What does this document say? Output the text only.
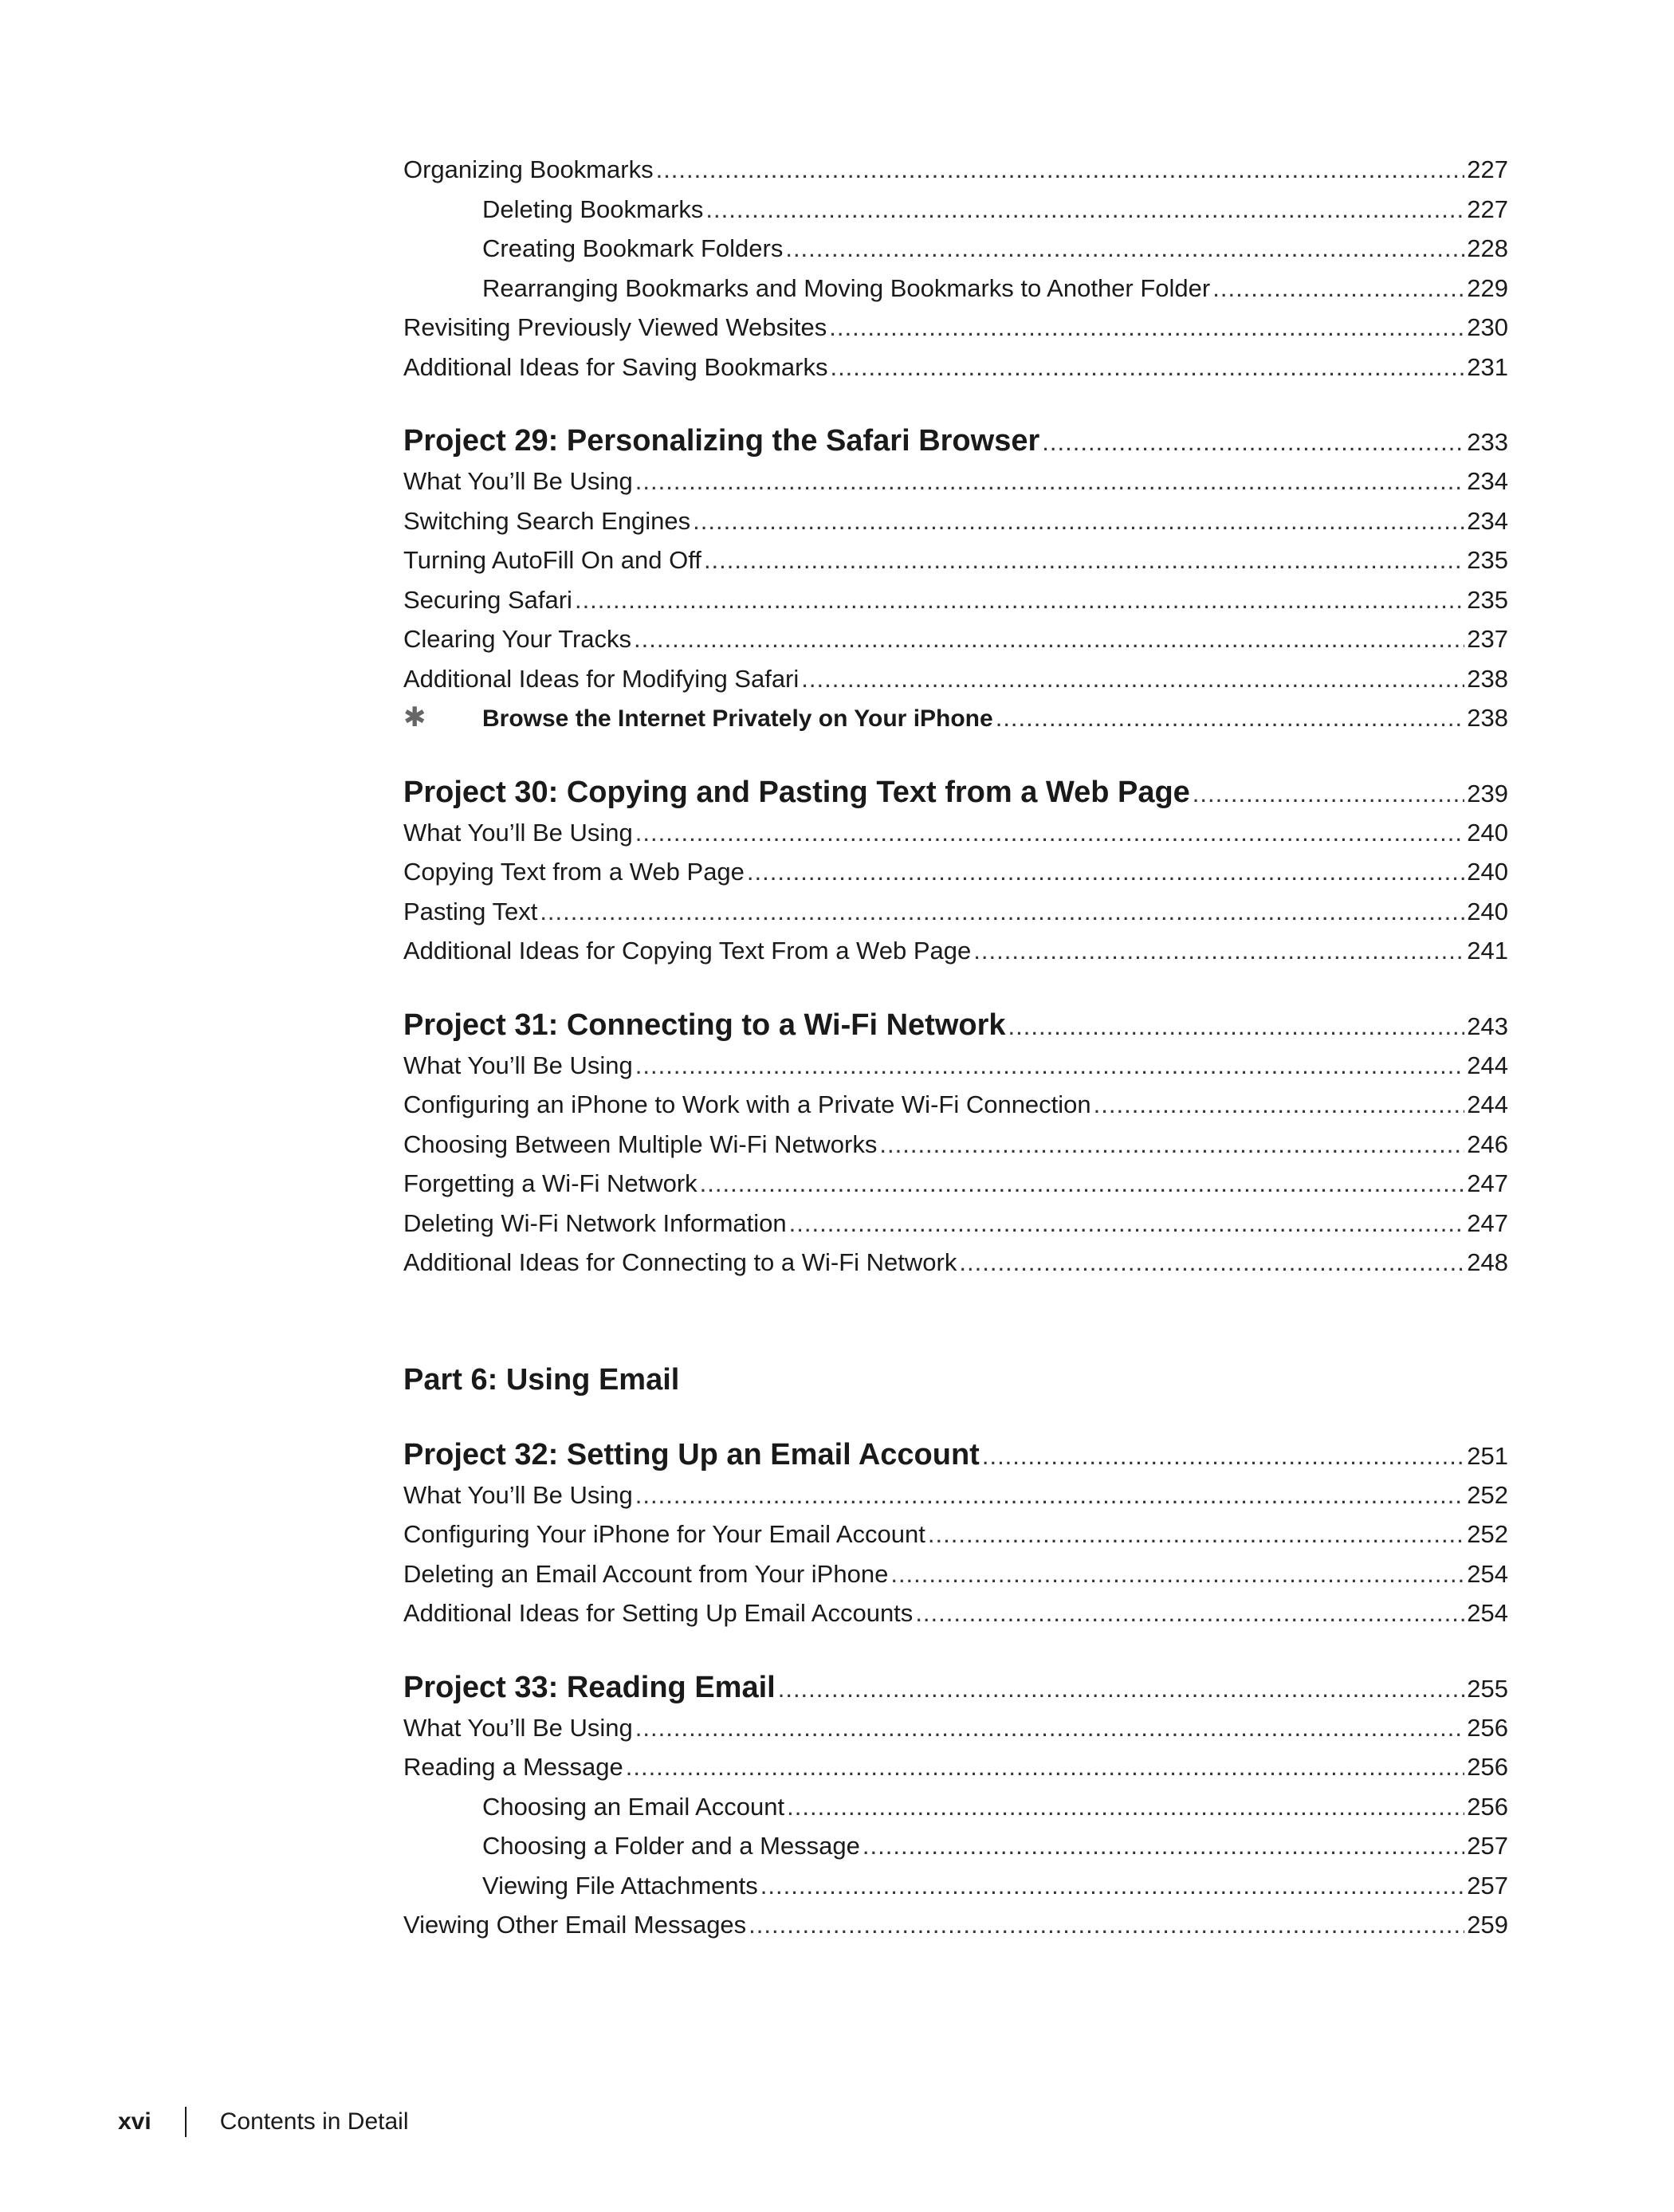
Organizing Bookmarks .....	227
Deleting Bookmarks .....	227
Creating Bookmark Folders .....	228
Rearranging Bookmarks and Moving Bookmarks to Another Folder .....	229
Revisiting Previously Viewed Websites .....	230
Additional Ideas for Saving Bookmarks .....	231
Project 29: Personalizing the Safari Browser .....	233
What You’ll Be Using .....	234
Switching Search Engines .....	234
Turning AutoFill On and Off .....	235
Securing Safari .....	235
Clearing Your Tracks .....	237
Additional Ideas for Modifying Safari .....	238
✱ Browse the Internet Privately on Your iPhone .....	238
Project 30: Copying and Pasting Text from a Web Page .....	239
What You’ll Be Using .....	240
Copying Text from a Web Page .....	240
Pasting Text .....	240
Additional Ideas for Copying Text From a Web Page .....	241
Project 31: Connecting to a Wi-Fi Network .....	243
What You’ll Be Using .....	244
Configuring an iPhone to Work with a Private Wi-Fi Connection .....	244
Choosing Between Multiple Wi-Fi Networks .....	246
Forgetting a Wi-Fi Network .....	247
Deleting Wi-Fi Network Information .....	247
Additional Ideas for Connecting to a Wi-Fi Network .....	248
Part 6: Using Email
Project 32: Setting Up an Email Account .....	251
What You’ll Be Using .....	252
Configuring Your iPhone for Your Email Account .....	252
Deleting an Email Account from Your iPhone .....	254
Additional Ideas for Setting Up Email Accounts .....	254
Project 33: Reading Email .....	255
What You’ll Be Using .....	256
Reading a Message .....	256
Choosing an Email Account .....	256
Choosing a Folder and a Message .....	257
Viewing File Attachments .....	257
Viewing Other Email Messages .....	259
xvi	Contents in Detail
